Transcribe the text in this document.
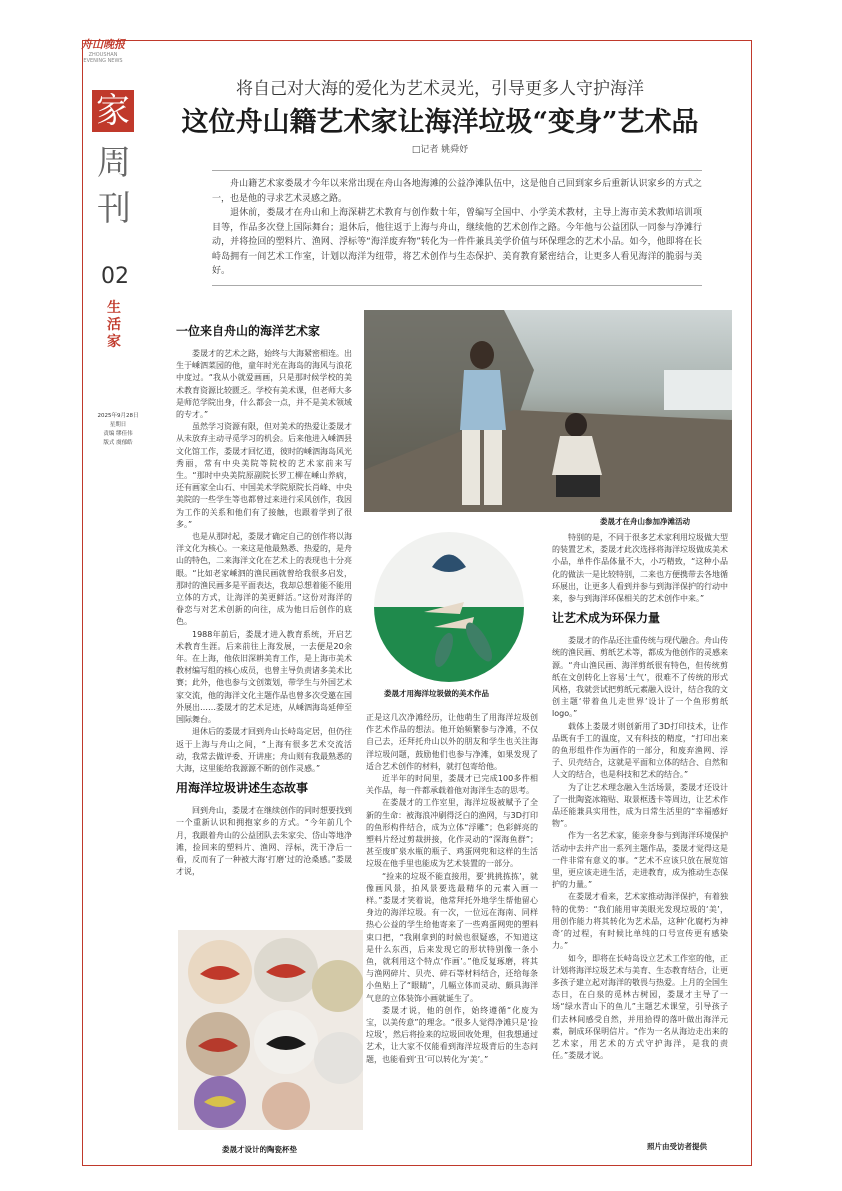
舟山晚报
ZHOUSHAN EVENING NEWS
家
周
刊
02
生
活
家
2025年9月28日
星期日
责编 缪佳伟
版式 虞郁皓
将自己对大海的爱化为艺术灵光，引导更多人守护海洋
这位舟山籍艺术家让海洋垃圾“变身”艺术品
□记者 姚舜妤

舟山籍艺术家娄晟才今年以来常出现在舟山各地海滩的公益净滩队伍中，这是他自己回到家乡后重新认识家乡的方式之一，也是他的寻求艺术灵感之路。

退休前，娄晟才在舟山和上海深耕艺术教育与创作数十年，曾编写全国中、小学美术教材，主导上海市美术教师培训项目等，作品多次登上国际舞台；退休后，他往返于上海与舟山，继续他的艺术创作之路。今年他与公益团队一同参与净滩行动，并将捡回的塑料片、渔网、浮标等“海洋废弃物”转化为一件件兼具美学价值与环保理念的艺术小品。如今，他即将在长峙岛拥有一间艺术工作室，计划以海洋为纽带，将艺术创作与生态保护、美育教育紧密结合，让更多人看见海洋的脆弱与美好。

娄晟才在舟山参加净滩活动
娄晟才用海洋垃圾做的美术作品
娄晟才设计的陶瓷杯垫
一位来自舟山的海洋艺术家

娄晟才的艺术之路，始终与大海紧密相连。出生于嵊泗菜园的他，童年时光在海岛的海风与浪花中度过。“我从小就爱画画，只是那时候学校的美术教育资源比较匮乏。学校有美术课，但老师大多是师范学院出身，什么都会一点，并不是美术领域的专才。”

虽然学习资源有限，但对美术的热爱让娄晟才从未放弃主动寻觅学习的机会。后来他进入嵊泗县文化馆工作，娄晟才回忆道，彼时的嵊泗海岛风光秀丽，常有中央美院等院校的艺术家前来写生。“那时中央美院原副院长罗工柳在嵊山养病，还有画家全山石、中国美术学院原院长肖峰、中央美院的一些学生等也都曾过来进行采风创作，我因为工作的关系和他们有了接触，也跟着学到了很多。”

也是从那时起，娄晟才确定自己的创作将以海洋文化为核心。一来这是他最熟悉、热爱的，是舟山的特色，二来海洋文化在艺术上的表现也十分亮眼。“比如老家嵊泗的渔民画就曾给我很多启发，那时的渔民画多是平面表达，我却总想着能不能用立体的方式，让海洋的美更鲜活。”这份对海洋的眷恋与对艺术创新的向往，成为他日后创作的底色。

1988年前后，娄晟才进入教育系统，开启艺术教育生涯。后来前往上海发展，一去便是20余年。在上海，他依旧深耕美育工作，是上海市美术教材编写组的核心成员，也曾主导负责诸多美术比赛；此外，他也参与文创策划，带学生与外国艺术家交流，他的海洋文化主题作品也曾多次受邀在国外展出……娄晟才的艺术足迹，从嵊泗海岛延伸至国际舞台。

退休后的娄晟才回到舟山长峙岛定居，但仍往返于上海与舟山之间，“上海有很多艺术交流活动，我常去做评委、开讲座；舟山则有我最熟悉的大海，这里能给我源源不断的创作灵感。”

用海洋垃圾讲述生态故事

回到舟山，娄晟才在继续创作的同时想要找到一个重新认识和拥抱家乡的方式。“今年前几个月，我跟着舟山的公益团队去朱家尖、岱山等地净滩，捡回来的塑料片、渔网、浮标，洗干净后一看，反而有了一种被大海‘打磨’过的沧桑感。”娄晟才说，

正是这几次净滩经历，让他萌生了用海洋垃圾创作艺术作品的想法。他开始频繁参与净滩，不仅自己去，还拜托舟山以外的朋友和学生也关注海洋垃圾问题，鼓励他们也参与净滩，如果发现了适合艺术创作的材料，就打包寄给他。

近半年的时间里，娄晟才已完成100多件相关作品，每一件都承载着他对海洋生态的思考。

在娄晟才的工作室里，海洋垃圾被赋予了全新的生命：被海浪冲刷得泛白的渔网，与3D打印的鱼形构件结合，成为立体“浮雕”；色彩鲜亮的塑料片经过剪裁拼接，化作灵动的“深海鱼群”；甚至废旷泉水瓶的瓶子、鸡蛋网兜和这样的生活垃圾在他手里也能成为艺术装置的一部分。

“捡来的垃圾不能直接用，要‘挑挑拣拣’，就像画风景，拍风景要选最精华的元素入画一样。”娄晟才笑着说，他常拜托外地学生帮他留心身边的海洋垃圾。有一次，一位远在海南、同样热心公益的学生给他寄来了一些鸡蛋网兜的塑料束口把，“我刚拿到的时候也很疑惑，不知道这是什么东西，后来发现它的形状特别像一条小鱼，就利用这个特点‘作画’。”他反复琢磨，将其与渔网碎片、贝壳、碎石等材料结合，还给每条小鱼贴上了“眼睛”，几幅立体而灵动、颇具海洋气息的立体装饰小画就诞生了。

娄晟才说，他的创作，始终遵循“化废为宝，以美传意”的理念。“很多人觉得净滩只是‘捡垃圾’，然后将捡来的垃圾回收处理，但我想通过艺术，让大家不仅能看到海洋垃圾背后的生态问题，也能看到‘丑’可以转化为‘美’。”

特别的是，不同于很多艺术家利用垃圾做大型的装置艺术，娄晟才此次选择将海洋垃圾做成美术小品，单件作品体量不大，小巧精致，“这种小品化的做法一是比较特别，二来也方便携带去各地循环展出，让更多人看到并参与到海洋保护的行动中来，参与到海洋环保相关的艺术创作中来。”

让艺术成为环保力量

娄晟才的作品还注重传统与现代融合。舟山传统的渔民画、剪纸艺术等，都成为他创作的灵感来源。“舟山渔民画、海洋剪纸很有特色，但传统剪纸在文创转化上容易‘土气’，很难不了传统的形式风格，我就尝试把剪纸元素融入设计，结合我的文创主题‘带着鱼儿走世界’设计了一个鱼形剪纸logo。”

载体上娄晟才则创新用了3D打印技术，让作品既有手工的温度，又有科技的精度，“打印出来的鱼形组件作为画作的一部分，和废弃渔网、浮子、贝壳结合，这就是平面和立体的结合、自然和人文的结合，也是科技和艺术的结合。”

为了让艺术理念融入生活场景，娄晟才还设计了一批陶瓷冰箱贴、取景框透卡等周边，让艺术作品还能兼具实用性，成为日常生活里的“幸福感好物”。

作为一名艺术家，能亲身参与到海洋环境保护活动中去并产出一系列主题作品，娄晟才觉得这是一件非常有意义的事。“艺术不应该只放在展览馆里，更应该走进生活，走进教育，成为推动生态保护的力量。”

在娄晟才看来，艺术家推动海洋保护，有着独特的优势：“我们能用审美眼光发现垃圾的‘美’，用创作能力将其转化为艺术品，这种‘化腐朽为神奇’的过程，有时候比单纯的口号宣传更有感染力。”

如今，即将在长峙岛设立艺术工作室的他，正计划将海洋垃圾艺术与美育、生态教育结合，让更多孩子建立起对海洋的敬畏与热爱。上月的全国生态日，在白泉的觅林古树园，娄晟才主导了一场“绿水青山下的鱼儿”主题艺术课堂，引导孩子们去林间感受自然，并用拾得的落叶做出海洋元素，制成环保明信片。“作为一名从海边走出来的艺术家，用艺术的方式守护海洋，是我的责任。”娄晟才说。

照片由受访者提供
